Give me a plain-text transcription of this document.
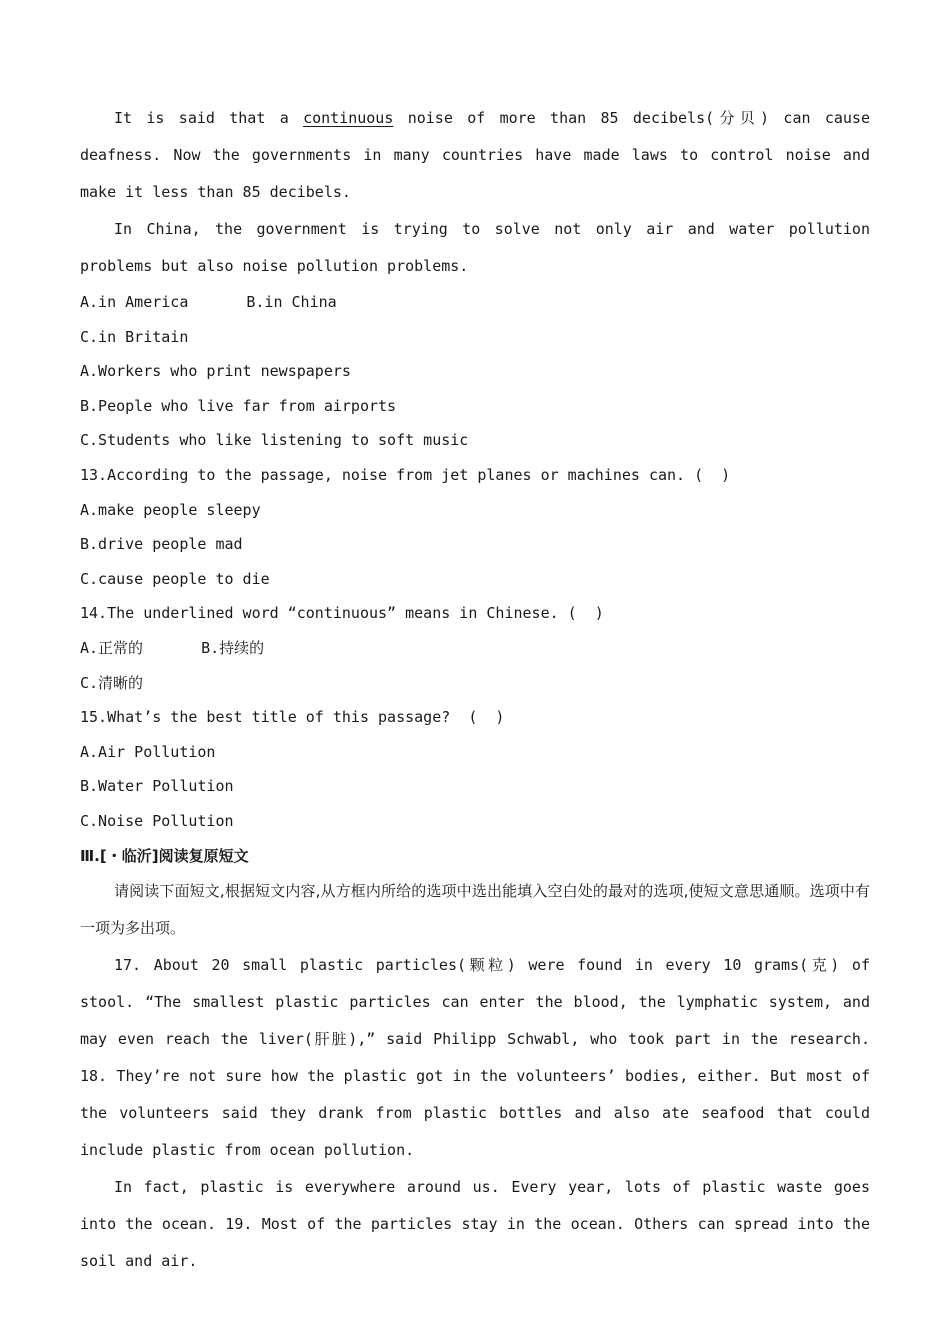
It is said that a continuous noise of more than 85 decibels(分贝) can cause deafness. Now the governments in many countries have made laws to control noise and make it less than 85 decibels.

In China, the government is trying to solve not only air and water pollution problems but also noise pollution problems.

A.in America	B.in China
C.in Britain
A.Workers who print newspapers
B.People who live far from airports
C.Students who like listening to soft music
13.According to the passage, noise from jet planes or machines can. (  )
A.make people sleepy
B.drive people mad
C.cause people to die
14.The underlined word “continuous” means in Chinese. (  )
A.正常的	B.持续的
C.清晰的
15.What’s the best title of this passage?  (  )
A.Air Pollution
B.Water Pollution
C.Noise Pollution
Ⅲ.[・临沂]阅读复原短文

请阅读下面短文,根据短文内容,从方框内所给的选项中选出能填入空白处的最对的选项,使短文意思通顺。选项中有一项为多出项。

17. About 20 small plastic particles(颗粒) were found in every 10 grams(克) of stool. “The smallest plastic particles can enter the blood, the lymphatic system, and may even reach the liver(肝脏),” said Philipp Schwabl, who took part in the research. 18. They’re not sure how the plastic got in the volunteers’ bodies, either. But most of the volunteers said they drank from plastic bottles and also ate seafood that could include plastic from ocean pollution.

In fact, plastic is everywhere around us. Every year, lots of plastic waste goes into the ocean. 19. Most of the particles stay in the ocean. Others can spread into the soil and air.
